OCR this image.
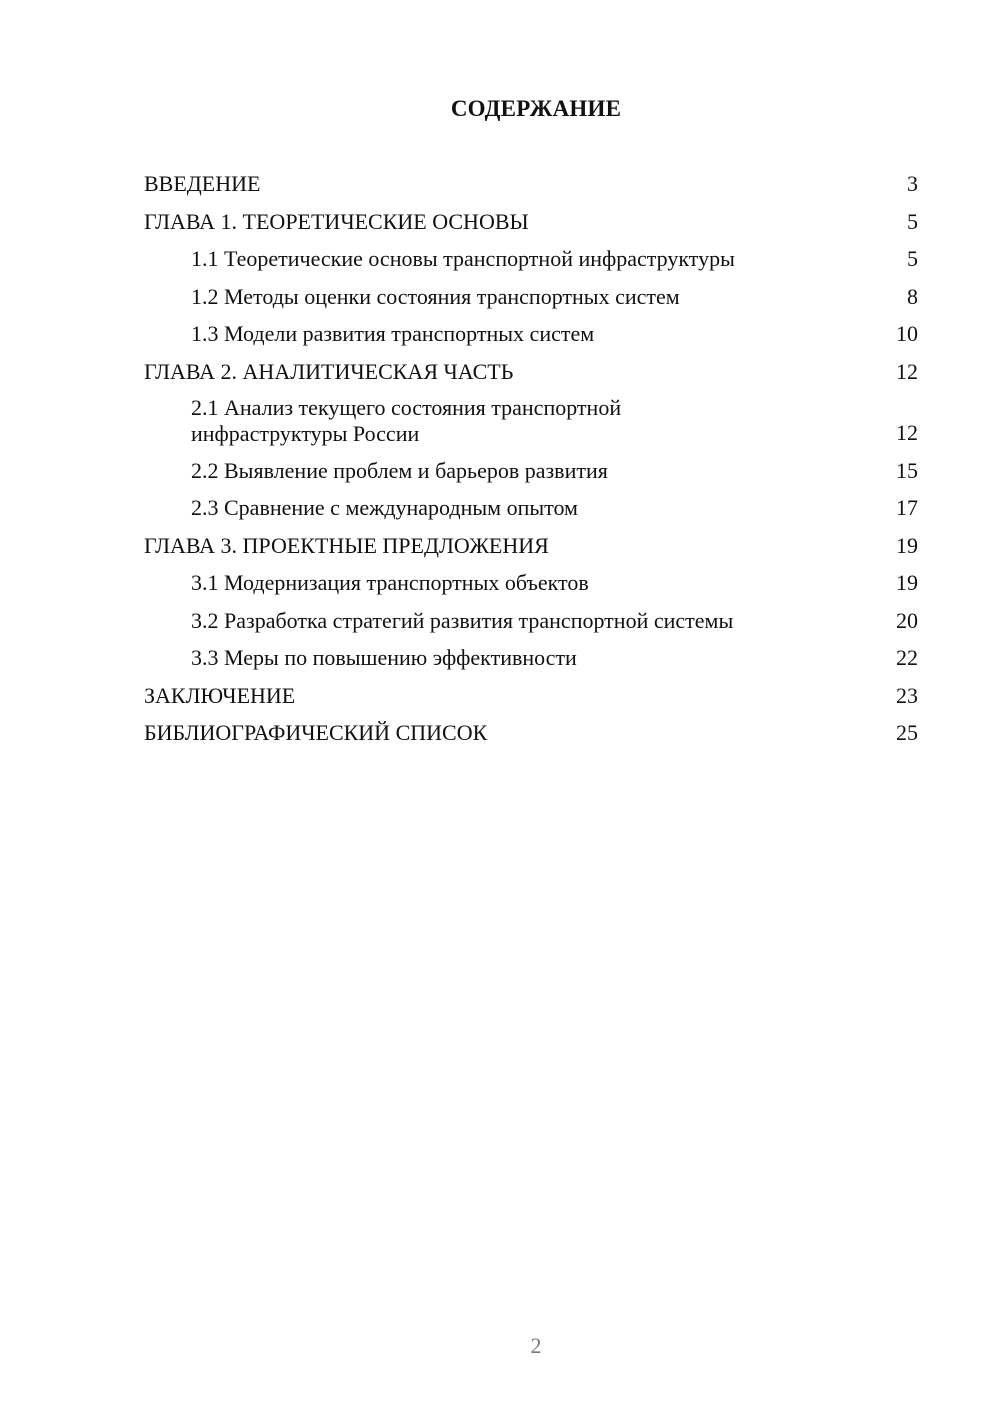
СОДЕРЖАНИЕ
ВВЕДЕНИЕ	3
ГЛАВА 1. ТЕОРЕТИЧЕСКИЕ ОСНОВЫ	5
1.1 Теоретические основы транспортной инфраструктуры	5
1.2 Методы оценки состояния транспортных систем	8
1.3 Модели развития транспортных систем	10
ГЛАВА 2. АНАЛИТИЧЕСКАЯ ЧАСТЬ	12
2.1 Анализ текущего состояния транспортной
инфраструктуры России	12
2.2 Выявление проблем и барьеров развития	15
2.3 Сравнение с международным опытом	17
ГЛАВА 3. ПРОЕКТНЫЕ ПРЕДЛОЖЕНИЯ	19
3.1 Модернизация транспортных объектов	19
3.2 Разработка стратегий развития транспортной системы	20
3.3 Меры по повышению эффективности	22
ЗАКЛЮЧЕНИЕ	23
БИБЛИОГРАФИЧЕСКИЙ СПИСОК	25
2
